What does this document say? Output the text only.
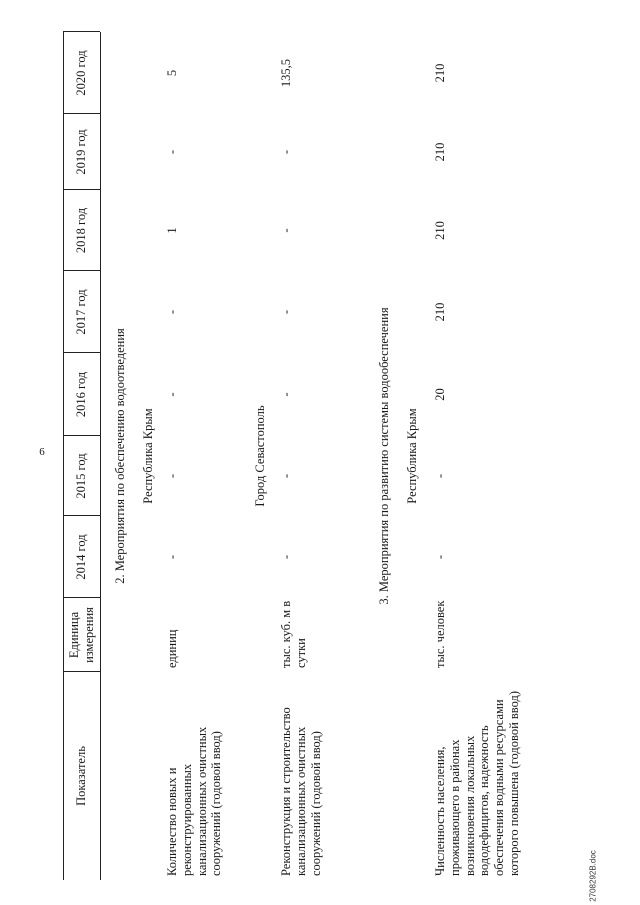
6
2708292В.doc
Показатель
Единица измерения
2014 год
2015 год
2016 год
2017 год
2018 год
2019 год
2020 год
2. Мероприятия по обеспечению водоотведения Республика Крым
Количество новых и реконструированных канализационных очистных сооружений (годовой ввод)
единиц
-
-
-
-
1
-
5
Город Севастополь
Реконструкция и строительство канализационных очистных сооружений (годовой ввод)
тыс. куб. м в сутки
-
-
-
-
-
-
135,5
3. Мероприятия по развитию системы водообеспечения Республика Крым
Численность населения, проживающего в районах возникновения локальных вододефицитов, надежность обеспечения водными ресурсами которого повышена (годовой ввод)
тыс. человек
-
-
20
210
210
210
210
